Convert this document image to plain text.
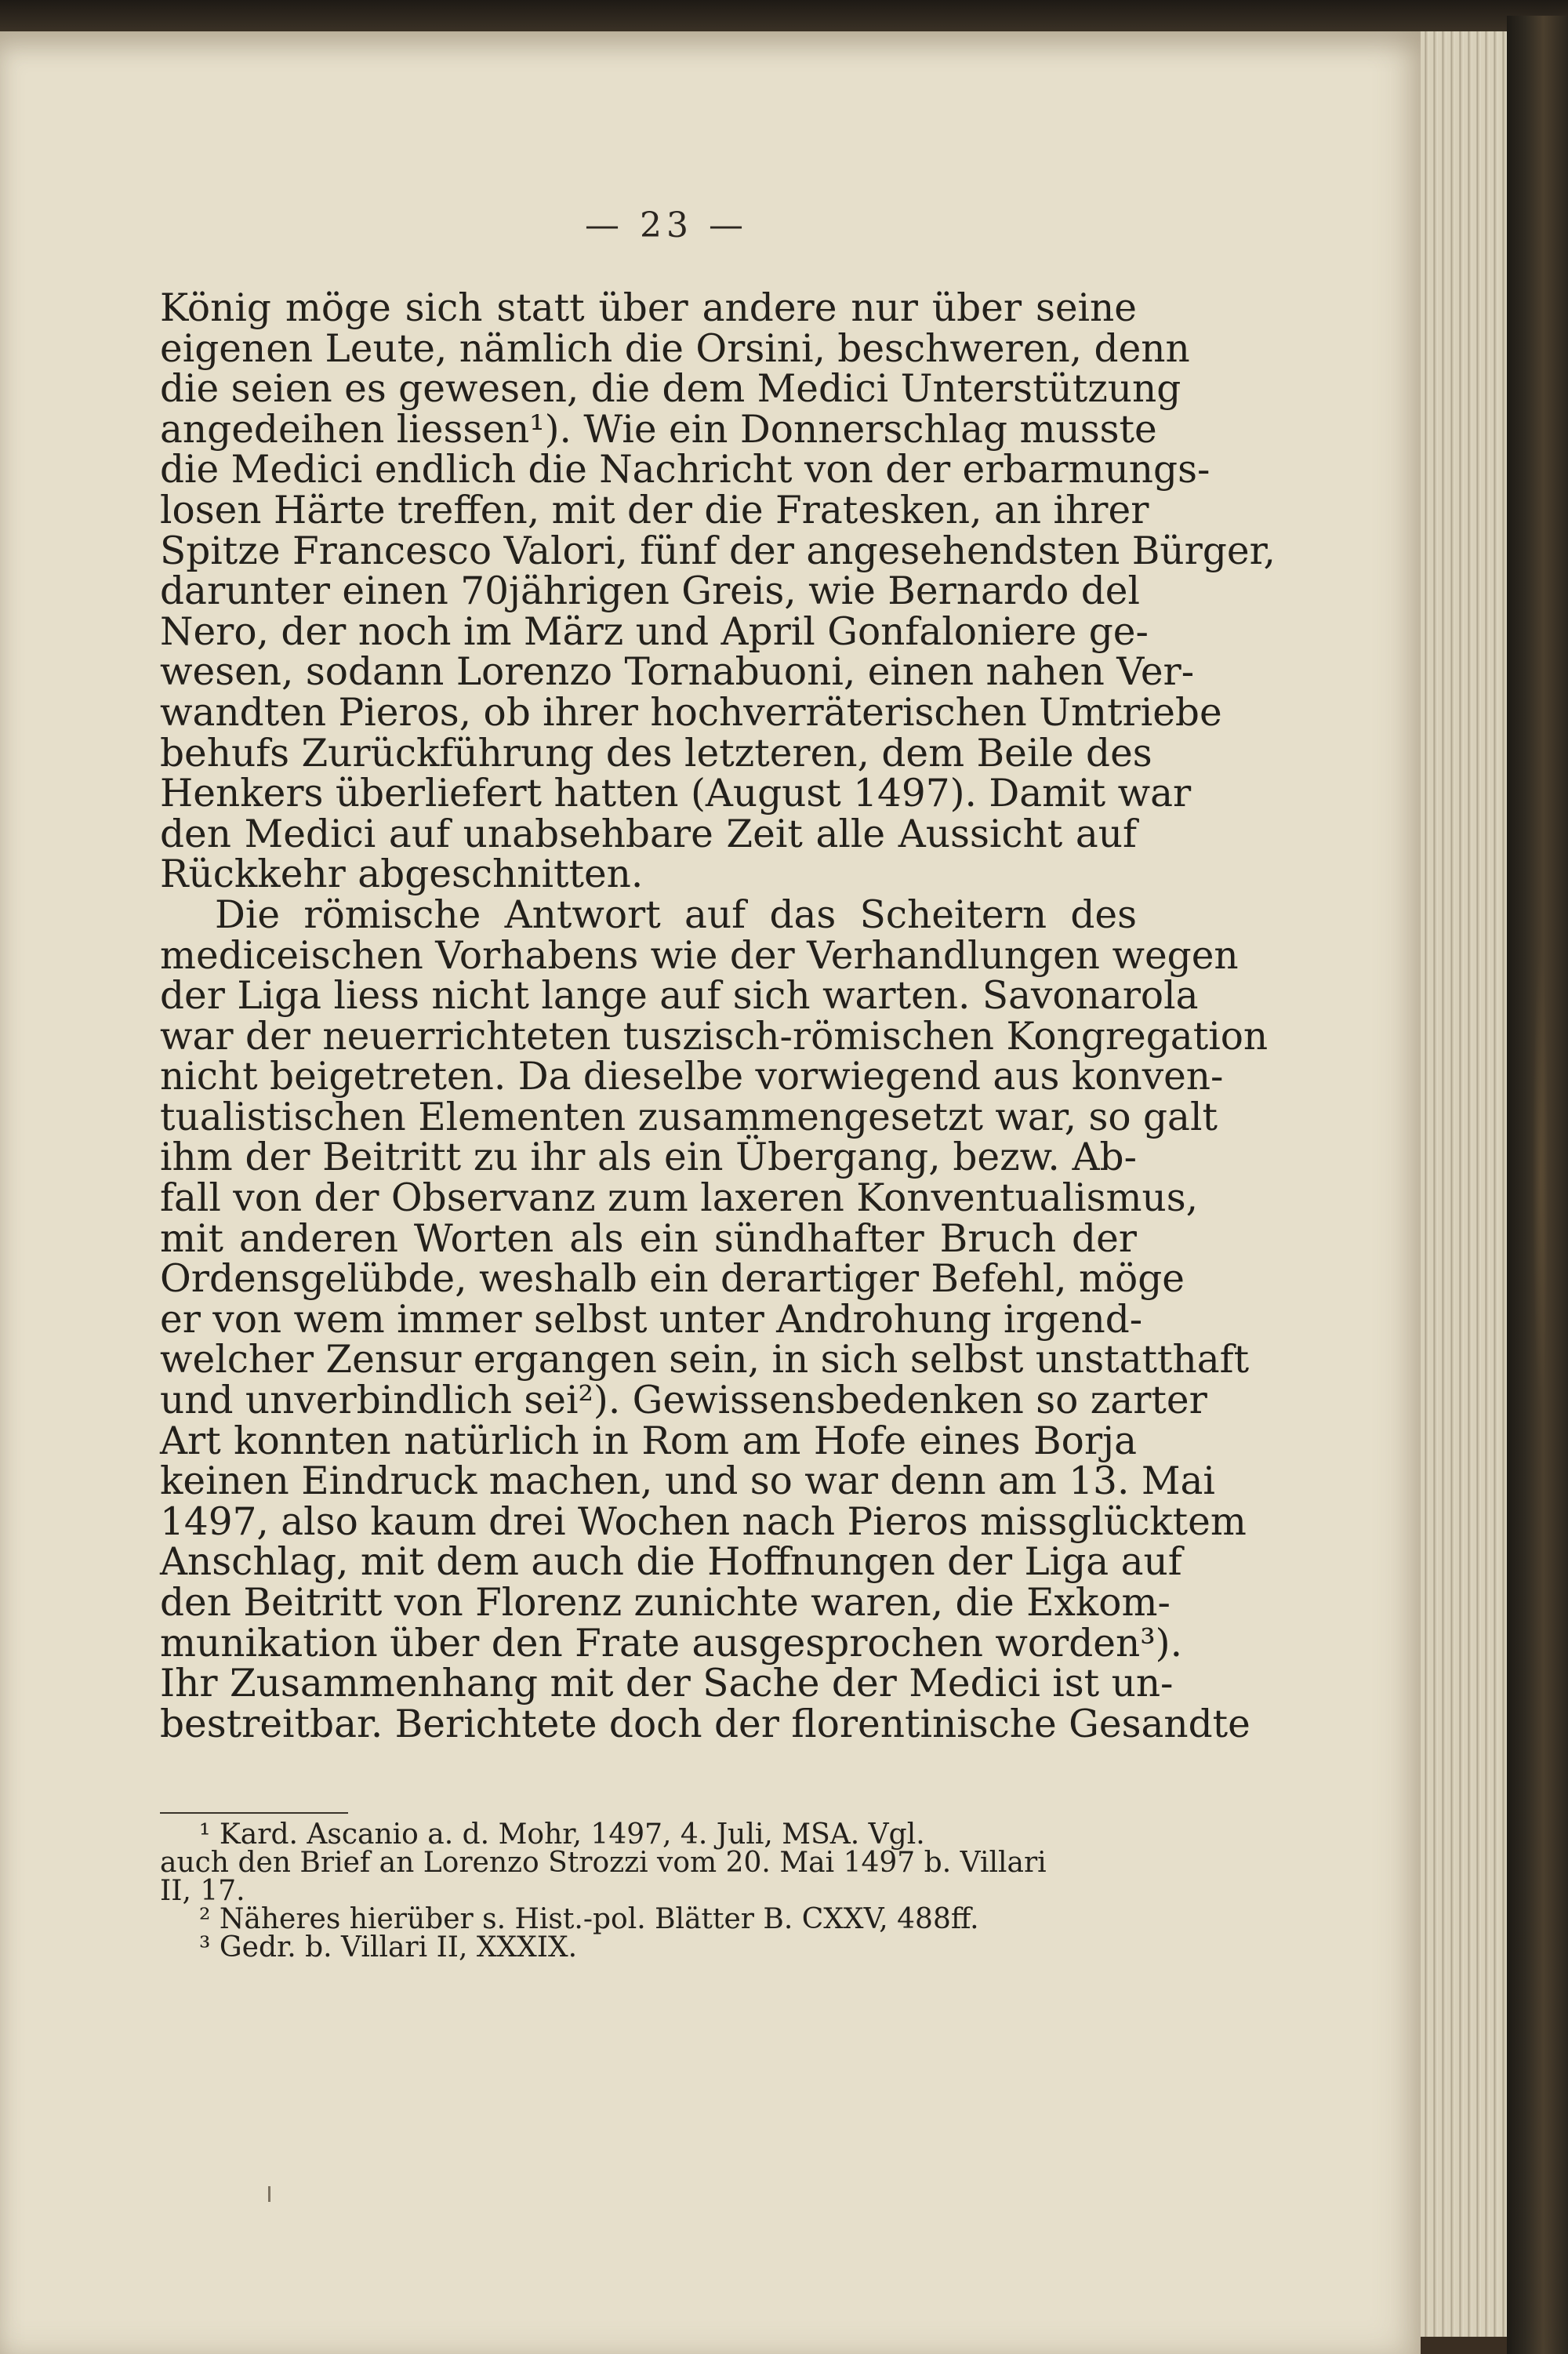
— 23 —
König möge sich statt über andere nur über seine
eigenen Leute, nämlich die Orsini, beschweren, denn
die seien es gewesen, die dem Medici Unterstützung
angedeihen liessen¹). Wie ein Donnerschlag musste
die Medici endlich die Nachricht von der erbarmungs-
losen Härte treffen, mit der die Fratesken, an ihrer
Spitze Francesco Valori, fünf der angesehendsten Bürger,
darunter einen 70jährigen Greis, wie Bernardo del
Nero, der noch im März und April Gonfaloniere ge-
wesen, sodann Lorenzo Tornabuoni, einen nahen Ver-
wandten Pieros, ob ihrer hochverräterischen Umtriebe
behufs Zurückführung des letzteren, dem Beile des
Henkers überliefert hatten (August 1497). Damit war
den Medici auf unabsehbare Zeit alle Aussicht auf
Rückkehr abgeschnitten.
Die römische Antwort auf das Scheitern des
mediceischen Vorhabens wie der Verhandlungen wegen
der Liga liess nicht lange auf sich warten. Savonarola
war der neuerrichteten tuszisch-römischen Kongregation
nicht beigetreten. Da dieselbe vorwiegend aus konven-
tualistischen Elementen zusammengesetzt war, so galt
ihm der Beitritt zu ihr als ein Übergang, bezw. Ab-
fall von der Observanz zum laxeren Konventualismus,
mit anderen Worten als ein sündhafter Bruch der
Ordensgelübde, weshalb ein derartiger Befehl, möge
er von wem immer selbst unter Androhung irgend-
welcher Zensur ergangen sein, in sich selbst unstatthaft
und unverbindlich sei²). Gewissensbedenken so zarter
Art konnten natürlich in Rom am Hofe eines Borja
keinen Eindruck machen, und so war denn am 13. Mai
1497, also kaum drei Wochen nach Pieros missglücktem
Anschlag, mit dem auch die Hoffnungen der Liga auf
den Beitritt von Florenz zunichte waren, die Exkom-
munikation über den Frate ausgesprochen worden³).
Ihr Zusammenhang mit der Sache der Medici ist un-
bestreitbar. Berichtete doch der florentinische Gesandte
¹ Kard. Ascanio a. d. Mohr, 1497, 4. Juli, MSA. Vgl.
auch den Brief an Lorenzo Strozzi vom 20. Mai 1497 b. Villari
II, 17.
² Näheres hierüber s. Hist.-pol. Blätter B. CXXV, 488ff.
³ Gedr. b. Villari II, XXXIX.
